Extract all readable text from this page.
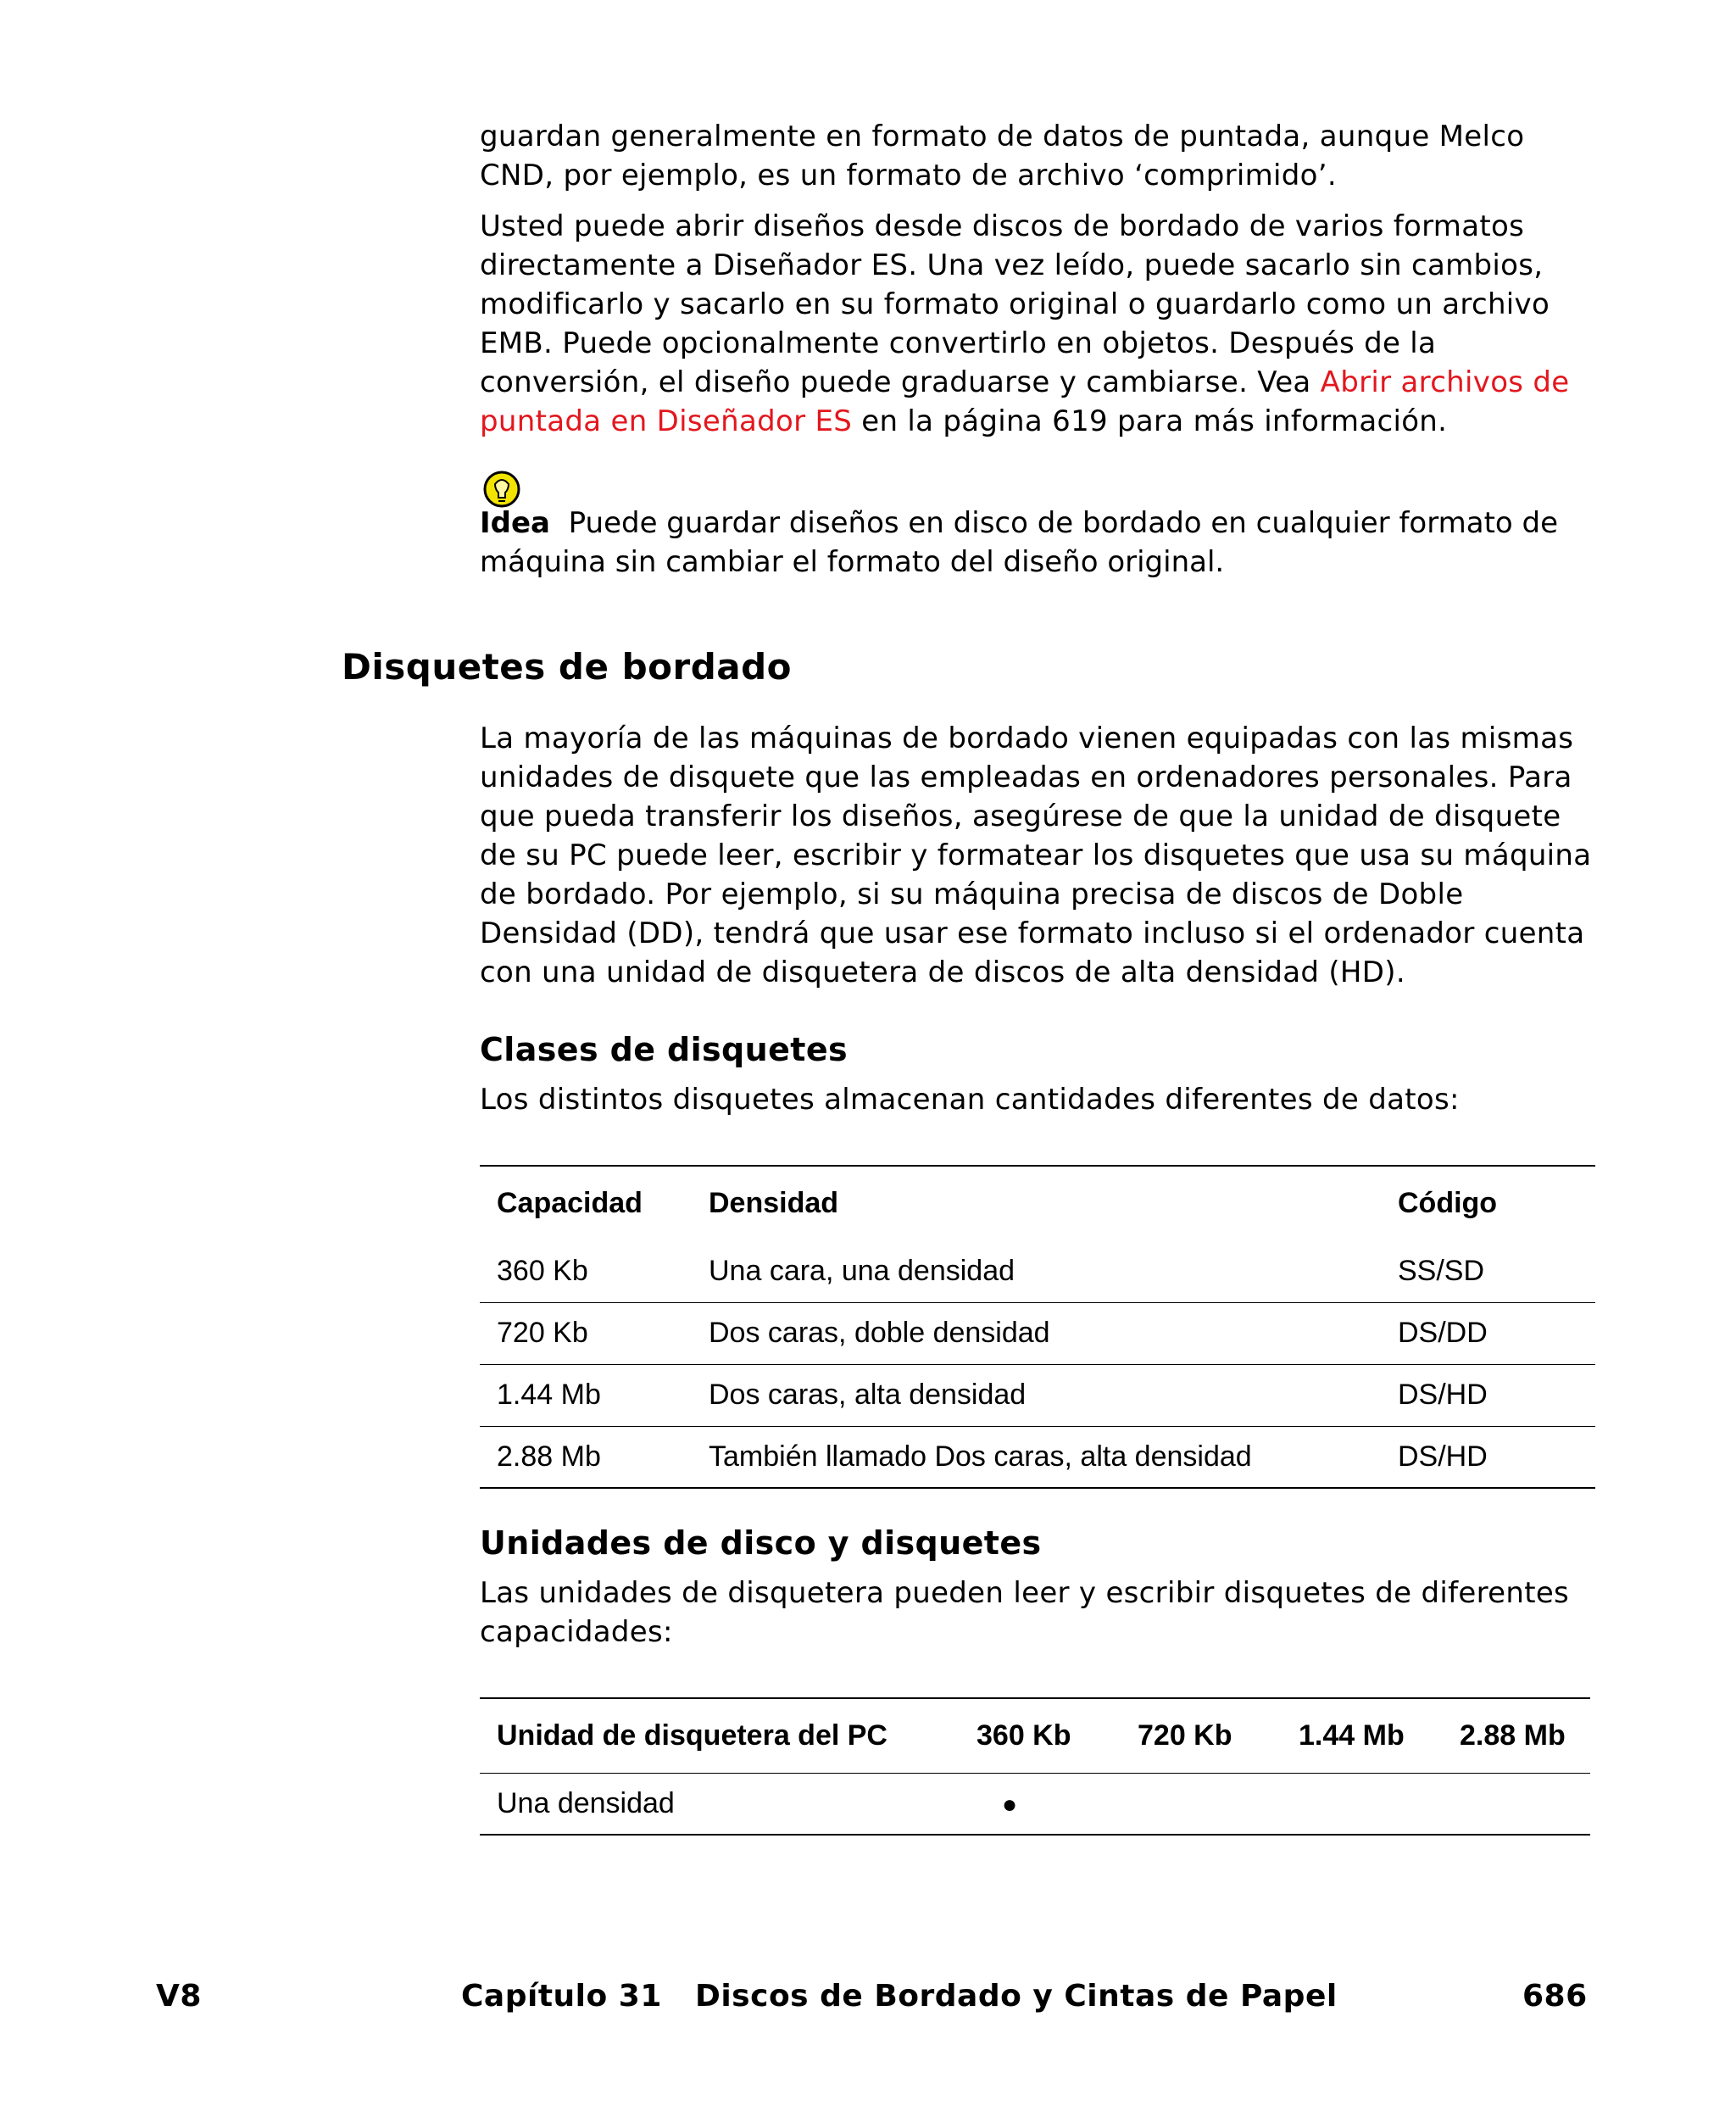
guardan generalmente en formato de datos de puntada, aunque Melco CND, por ejemplo, es un formato de archivo ‘comprimido’.

Usted puede abrir diseños desde discos de bordado de varios formatos directamente a Diseñador ES. Una vez leído, puede sacarlo sin cambios, modificarlo y sacarlo en su formato original o guardarlo como un archivo EMB. Puede opcionalmente convertirlo en objetos. Después de la conversión, el diseño puede graduarse y cambiarse. Vea Abrir archivos de puntada en Diseñador ES en la página 619 para más información.

Idea Puede guardar diseños en disco de bordado en cualquier formato de máquina sin cambiar el formato del diseño original.
Disquetes de bordado

La mayoría de las máquinas de bordado vienen equipadas con las mismas unidades de disquete que las empleadas en ordenadores personales. Para que pueda transferir los diseños, asegúrese de que la unidad de disquete de su PC puede leer, escribir y formatear los disquetes que usa su máquina de bordado. Por ejemplo, si su máquina precisa de discos de Doble Densidad (DD), tendrá que usar ese formato incluso si el ordenador cuenta con una unidad de disquetera de discos de alta densidad (HD).

Clases de disquetes

Los distintos disquetes almacenan cantidades diferentes de datos:

Capacidad	Densidad	Código
360 Kb	Una cara, una densidad	SS/SD
720 Kb	Dos caras, doble densidad	DS/DD
1.44 Mb	Dos caras, alta densidad	DS/HD
2.88 Mb	También llamado Dos caras, alta densidad	DS/HD
Unidades de disco y disquetes

Las unidades de disquetera pueden leer y escribir disquetes de diferentes capacidades:

Unidad de disquetera del PC	360 Kb	720 Kb	1.44 Mb	2.88 Mb
Una densidad	●			
V8	Capítulo 31   Discos de Bordado y Cintas de Papel	686
